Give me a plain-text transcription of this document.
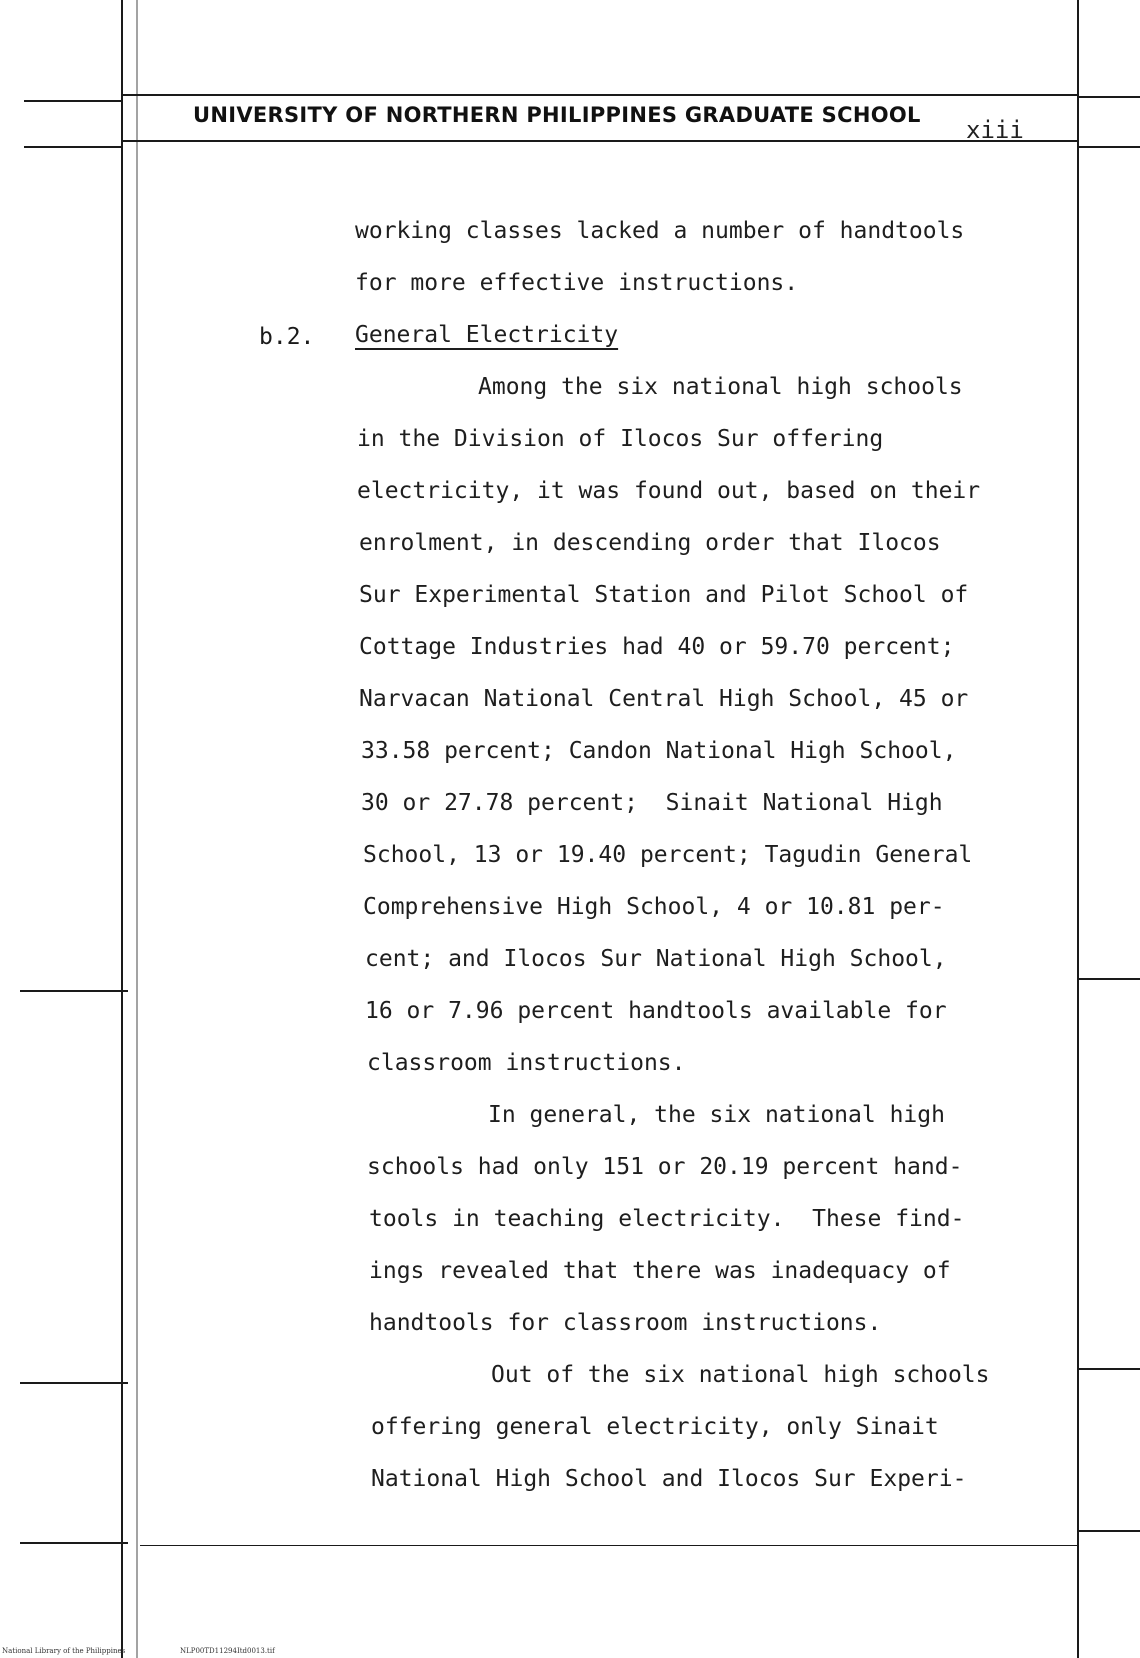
UNIVERSITY OF NORTHERN PHILIPPINES GRADUATE SCHOOL
xiii
working classes lacked a number of handtools
for more effective instructions.
b.2. General Electricity
Among the six national high schools
in the Division of Ilocos Sur offering
electricity, it was found out, based on their
enrolment, in descending order that Ilocos
Sur Experimental Station and Pilot School of
Cottage Industries had 40 or 59.70 percent;
Narvacan National Central High School, 45 or
33.58 percent; Candon National High School,
30 or 27.78 percent;  Sinait National High
School, 13 or 19.40 percent; Tagudin General
Comprehensive High School, 4 or 10.81 per-
cent; and Ilocos Sur National High School,
16 or 7.96 percent handtools available for
classroom instructions.
In general, the six national high
schools had only 151 or 20.19 percent hand-
tools in teaching electricity.  These find-
ings revealed that there was inadequacy of
handtools for classroom instructions.
Out of the six national high schools
offering general electricity, only Sinait
National High School and Ilocos Sur Experi-
National Library of the Philippines	NLP00TD11294Itd0013.tif
